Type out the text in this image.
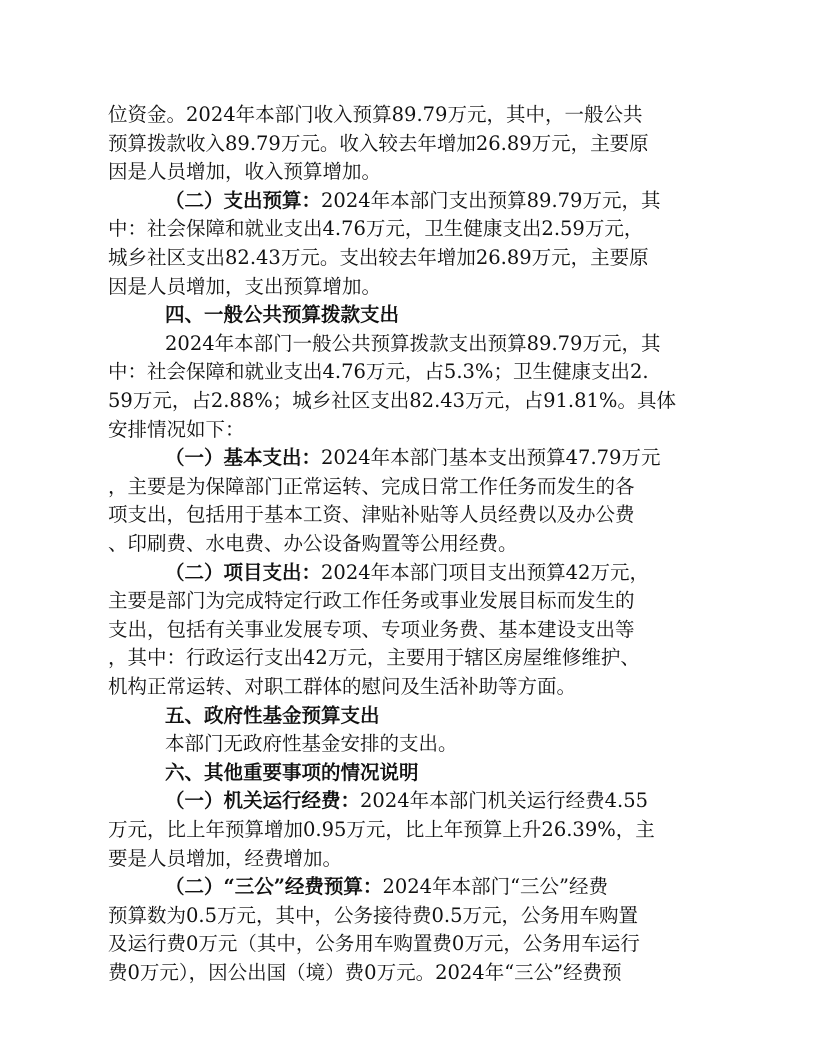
位资金。2024年本部门收入预算89.79万元，其中，一般公共
预算拨款收入89.79万元。收入较去年增加26.89万元，主要原
因是人员增加，收入预算增加。
（二）支出预算：2024年本部门支出预算89.79万元，其
中：社会保障和就业支出4.76万元，卫生健康支出2.59万元，
城乡社区支出82.43万元。支出较去年增加26.89万元，主要原
因是人员增加，支出预算增加。
四、一般公共预算拨款支出
2024年本部门一般公共预算拨款支出预算89.79万元，其
中：社会保障和就业支出4.76万元，占5.3%；卫生健康支出2.
59万元，占2.88%；城乡社区支出82.43万元，占91.81%。具体
安排情况如下：
（一）基本支出：2024年本部门基本支出预算47.79万元
，主要是为保障部门正常运转、完成日常工作任务而发生的各
项支出，包括用于基本工资、津贴补贴等人员经费以及办公费
、印刷费、水电费、办公设备购置等公用经费。
（二）项目支出：2024年本部门项目支出预算42万元，
主要是部门为完成特定行政工作任务或事业发展目标而发生的
支出，包括有关事业发展专项、专项业务费、基本建设支出等
，其中：行政运行支出42万元，主要用于辖区房屋维修维护、
机构正常运转、对职工群体的慰问及生活补助等方面。
五、政府性基金预算支出
本部门无政府性基金安排的支出。
六、其他重要事项的情况说明
（一）机关运行经费：2024年本部门机关运行经费4.55
万元，比上年预算增加0.95万元，比上年预算上升26.39%，主
要是人员增加，经费增加。
（二）“三公”经费预算：2024年本部门“三公”经费
预算数为0.5万元，其中，公务接待费0.5万元，公务用车购置
及运行费0万元（其中，公务用车购置费0万元，公务用车运行
费0万元），因公出国（境）费0万元。2024年“三公”经费预
